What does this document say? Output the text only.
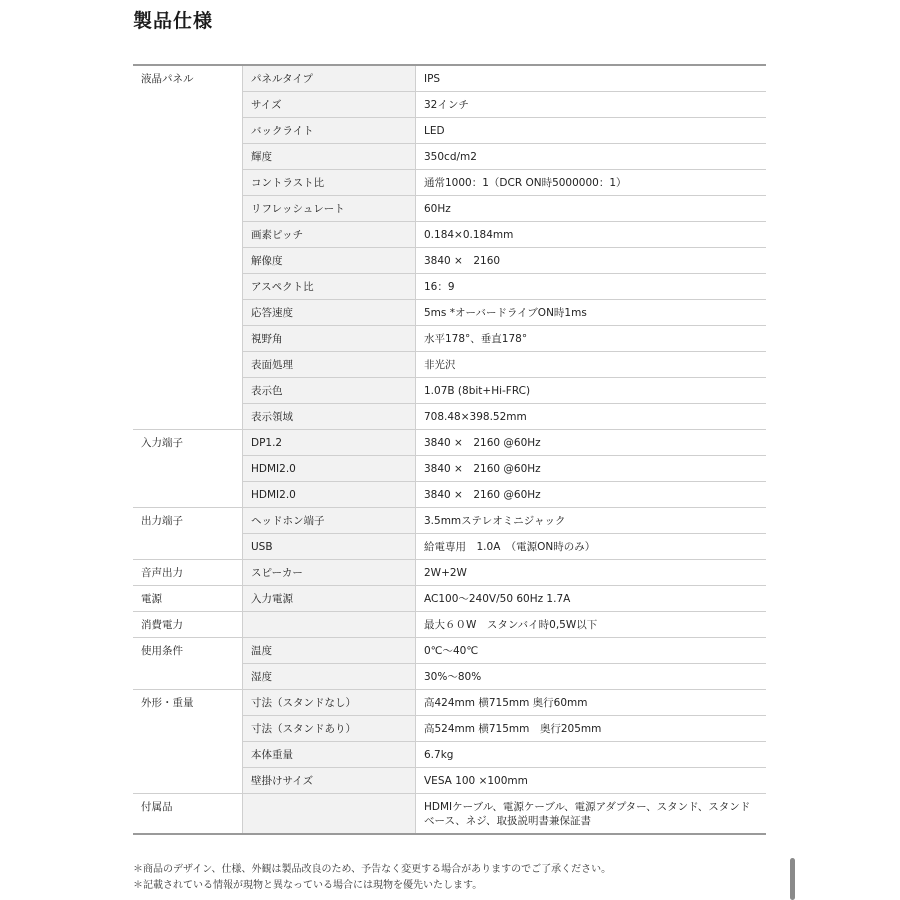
製品仕様
液晶パネル	パネルタイプ	IPS
	サイズ	32インチ
	バックライト	LED
	輝度	350cd/m2
	コントラスト比	通常1000：1（DCR ON時5000000：1）
	リフレッシュレート	60Hz
	画素ピッチ	0.184×0.184mm
	解像度	3840 ×　2160
	アスペクト比	16：9
	応答速度	5ms *オーバードライブON時1ms
	視野角	水平178°、垂直178°
	表面処理	非光沢
	表示色	1.07B (8bit+Hi-FRC)
	表示領域	708.48×398.52mm
入力端子	DP1.2	3840 ×　2160 @60Hz
	HDMI2.0	3840 ×　2160 @60Hz
	HDMI2.0	3840 ×　2160 @60Hz
出力端子	ヘッドホン端子	3.5mmステレオミニジャック
	USB	給電専用　1.0A　（電源ON時のみ）
音声出力	スピーカー	2W+2W
電源	入力電源	AC100～240V/50 60Hz 1.7A
消費電力		最大６０W　スタンバイ時0,5W以下
使用条件	温度	0℃～40℃
	湿度	30%～80%
外形・重量	寸法（スタンドなし）	高424mm 横715mm 奥行60mm
	寸法（スタンドあり）	高524mm 横715mm　奥行205mm
	本体重量	6.7kg
	壁掛けサイズ	VESA 100 ×100mm
付属品		HDMIケーブル、電源ケーブル、電源アダプター、スタンド、スタンドベース、ネジ、取扱説明書兼保証書
＊商品のデザイン、仕様、外観は製品改良のため、予告なく変更する場合がありますのでご了承ください。
＊記載されている情報が現物と異なっている場合には現物を優先いたします。
